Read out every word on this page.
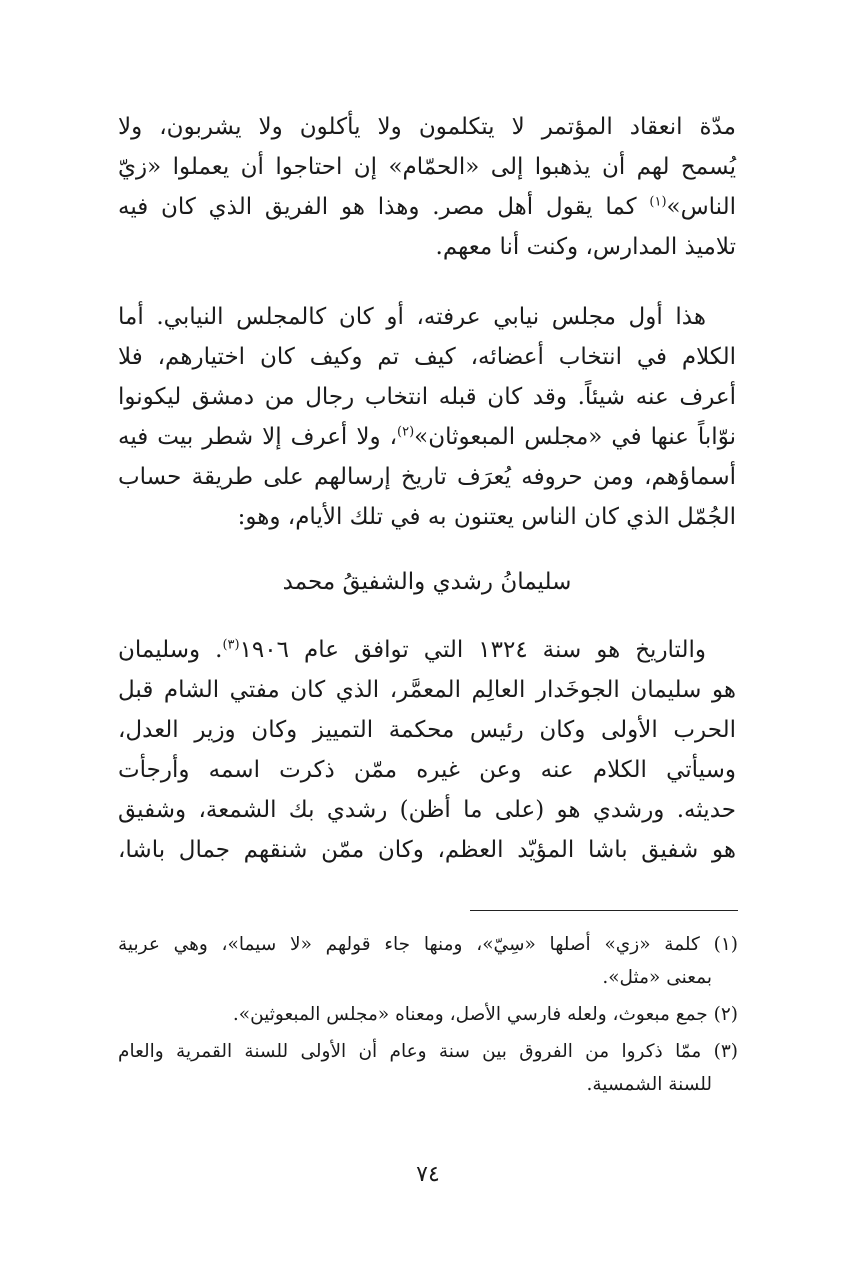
مدّة انعقاد المؤتمر لا يتكلمون ولا يأكلون ولا يشربون، ولا
يُسمح لهم أن يذهبوا إلى «الحمّام» إن احتاجوا أن يعملوا «زيّ
الناس»$^{(١)}$ كما يقول أهل مصر. وهذا هو الفريق الذي كان فيه
تلاميذ المدارس، وكنت أنا معهم.
هذا أول مجلس نيابي عرفته، أو كان كالمجلس النيابي. أما
الكلام في انتخاب أعضائه، كيف تم وكيف كان اختيارهم، فلا
أعرف عنه شيئاً. وقد كان قبله انتخاب رجال من دمشق ليكونوا
نوّاباً عنها في «مجلس المبعوثان»$^{(٢)}$، ولا أعرف إلا شطر بيت فيه
أسماؤهم، ومن حروفه يُعرَف تاريخ إرسالهم على طريقة حساب
الجُمّل الذي كان الناس يعتنون به في تلك الأيام، وهو:
سليمانُ رشدي والشفيقُ محمد
والتاريخ هو سنة ١٣٢٤ التي توافق عام ١٩٠٦$^{(٣)}$. وسليمان
هو سليمان الجوخَدار العالِم المعمَّر، الذي كان مفتي الشام قبل
الحرب الأولى وكان رئيس محكمة التمييز وكان وزير العدل،
وسيأتي الكلام عنه وعن غيره ممّن ذكرت اسمه وأرجأت
حديثه. ورشدي هو (على ما أظن) رشدي بك الشمعة، وشفيق
هو شفيق باشا المؤيّد العظم، وكان ممّن شنقهم جمال باشا،
(١) كلمة «زي» أصلها «سِيّ»، ومنها جاء قولهم «لا سيما»، وهي عربية
بمعنى «مثل».
(٢) جمع مبعوث، ولعله فارسي الأصل، ومعناه «مجلس المبعوثين».
(٣) ممّا ذكروا من الفروق بين سنة وعام أن الأولى للسنة القمرية والعام
للسنة الشمسية.
٧٤
